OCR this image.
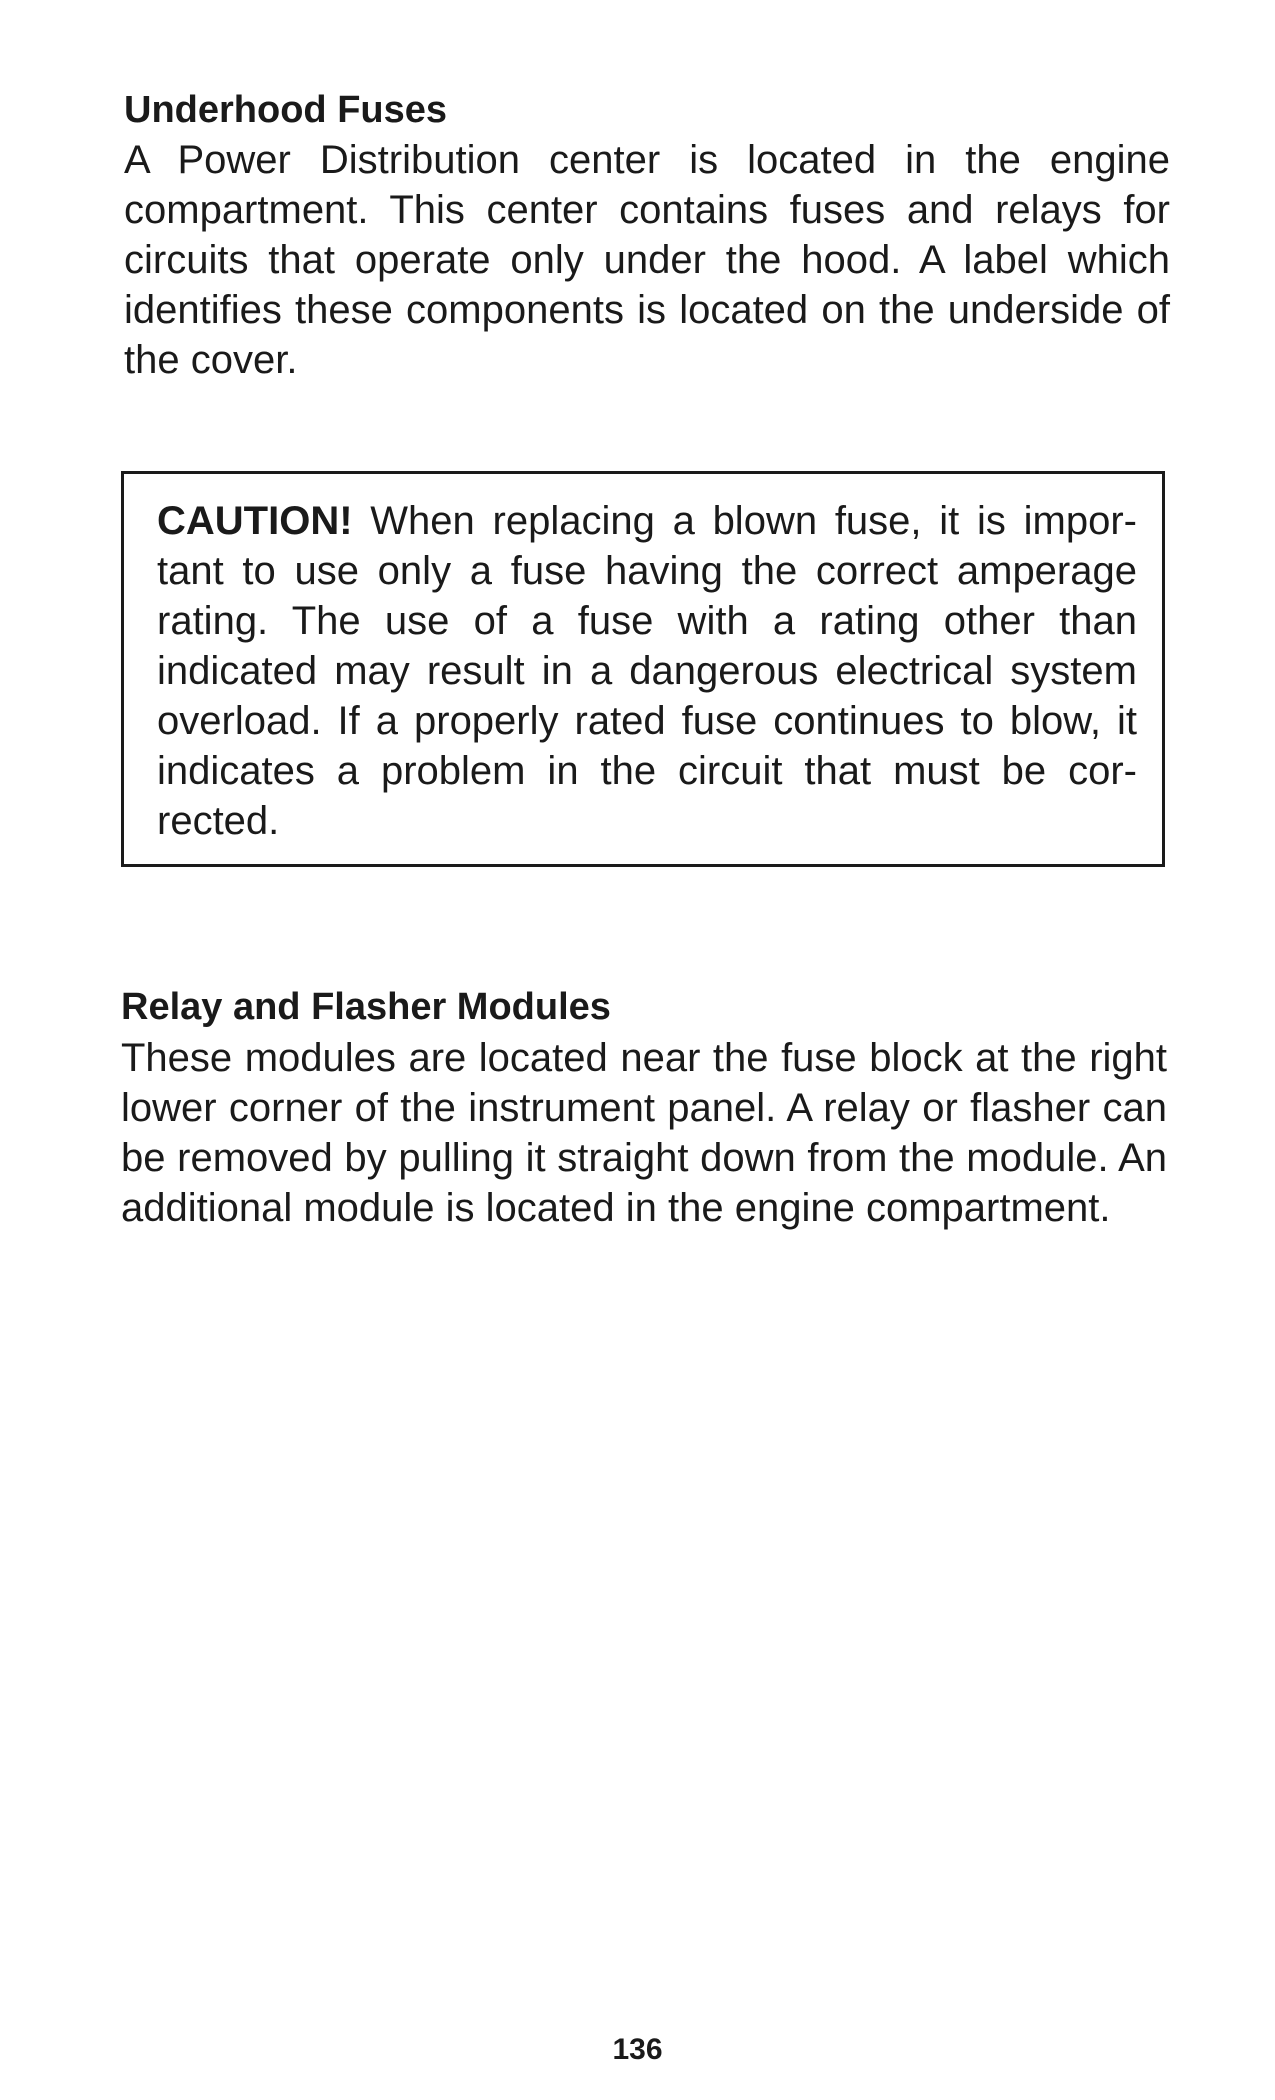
Underhood Fuses

A Power Distribution center is located in the engine compartment. This center contains fuses and relays for circuits that operate only under the hood. A label which identifies these components is located on the underside of the cover.

CAUTION! When replacing a blown fuse, it is important to use only a fuse having the correct amperage rating. The use of a fuse with a rating other than indicated may result in a dangerous electrical system overload. If a properly rated fuse continues to blow, it indicates a problem in the circuit that must be corrected.

Relay and Flasher Modules

These modules are located near the fuse block at the right lower corner of the instrument panel. A relay or flasher can be removed by pulling it straight down from the module. An additional module is located in the engine compartment.

136
